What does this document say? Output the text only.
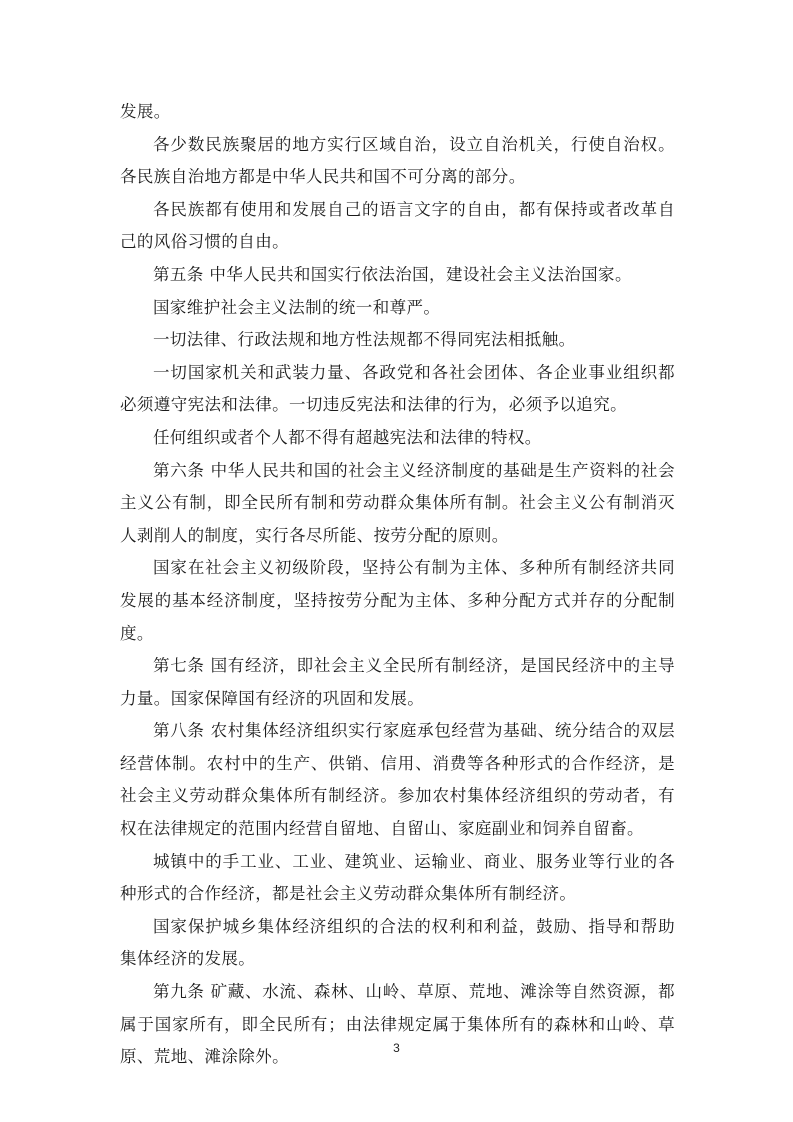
发展。

各少数民族聚居的地方实行区域自治，设立自治机关，行使自治权。各民族自治地方都是中华人民共和国不可分离的部分。

各民族都有使用和发展自己的语言文字的自由，都有保持或者改革自己的风俗习惯的自由。

第五条 中华人民共和国实行依法治国，建设社会主义法治国家。

国家维护社会主义法制的统一和尊严。

一切法律、行政法规和地方性法规都不得同宪法相抵触。

一切国家机关和武装力量、各政党和各社会团体、各企业事业组织都必须遵守宪法和法律。一切违反宪法和法律的行为，必须予以追究。

任何组织或者个人都不得有超越宪法和法律的特权。

第六条 中华人民共和国的社会主义经济制度的基础是生产资料的社会主义公有制，即全民所有制和劳动群众集体所有制。社会主义公有制消灭人剥削人的制度，实行各尽所能、按劳分配的原则。

国家在社会主义初级阶段，坚持公有制为主体、多种所有制经济共同发展的基本经济制度，坚持按劳分配为主体、多种分配方式并存的分配制度。

第七条 国有经济，即社会主义全民所有制经济，是国民经济中的主导力量。国家保障国有经济的巩固和发展。

第八条 农村集体经济组织实行家庭承包经营为基础、统分结合的双层经营体制。农村中的生产、供销、信用、消费等各种形式的合作经济，是社会主义劳动群众集体所有制经济。参加农村集体经济组织的劳动者，有权在法律规定的范围内经营自留地、自留山、家庭副业和饲养自留畜。

城镇中的手工业、工业、建筑业、运输业、商业、服务业等行业的各种形式的合作经济，都是社会主义劳动群众集体所有制经济。

国家保护城乡集体经济组织的合法的权利和利益，鼓励、指导和帮助集体经济的发展。

第九条 矿藏、水流、森林、山岭、草原、荒地、滩涂等自然资源，都属于国家所有，即全民所有；由法律规定属于集体所有的森林和山岭、草原、荒地、滩涂除外。	3
